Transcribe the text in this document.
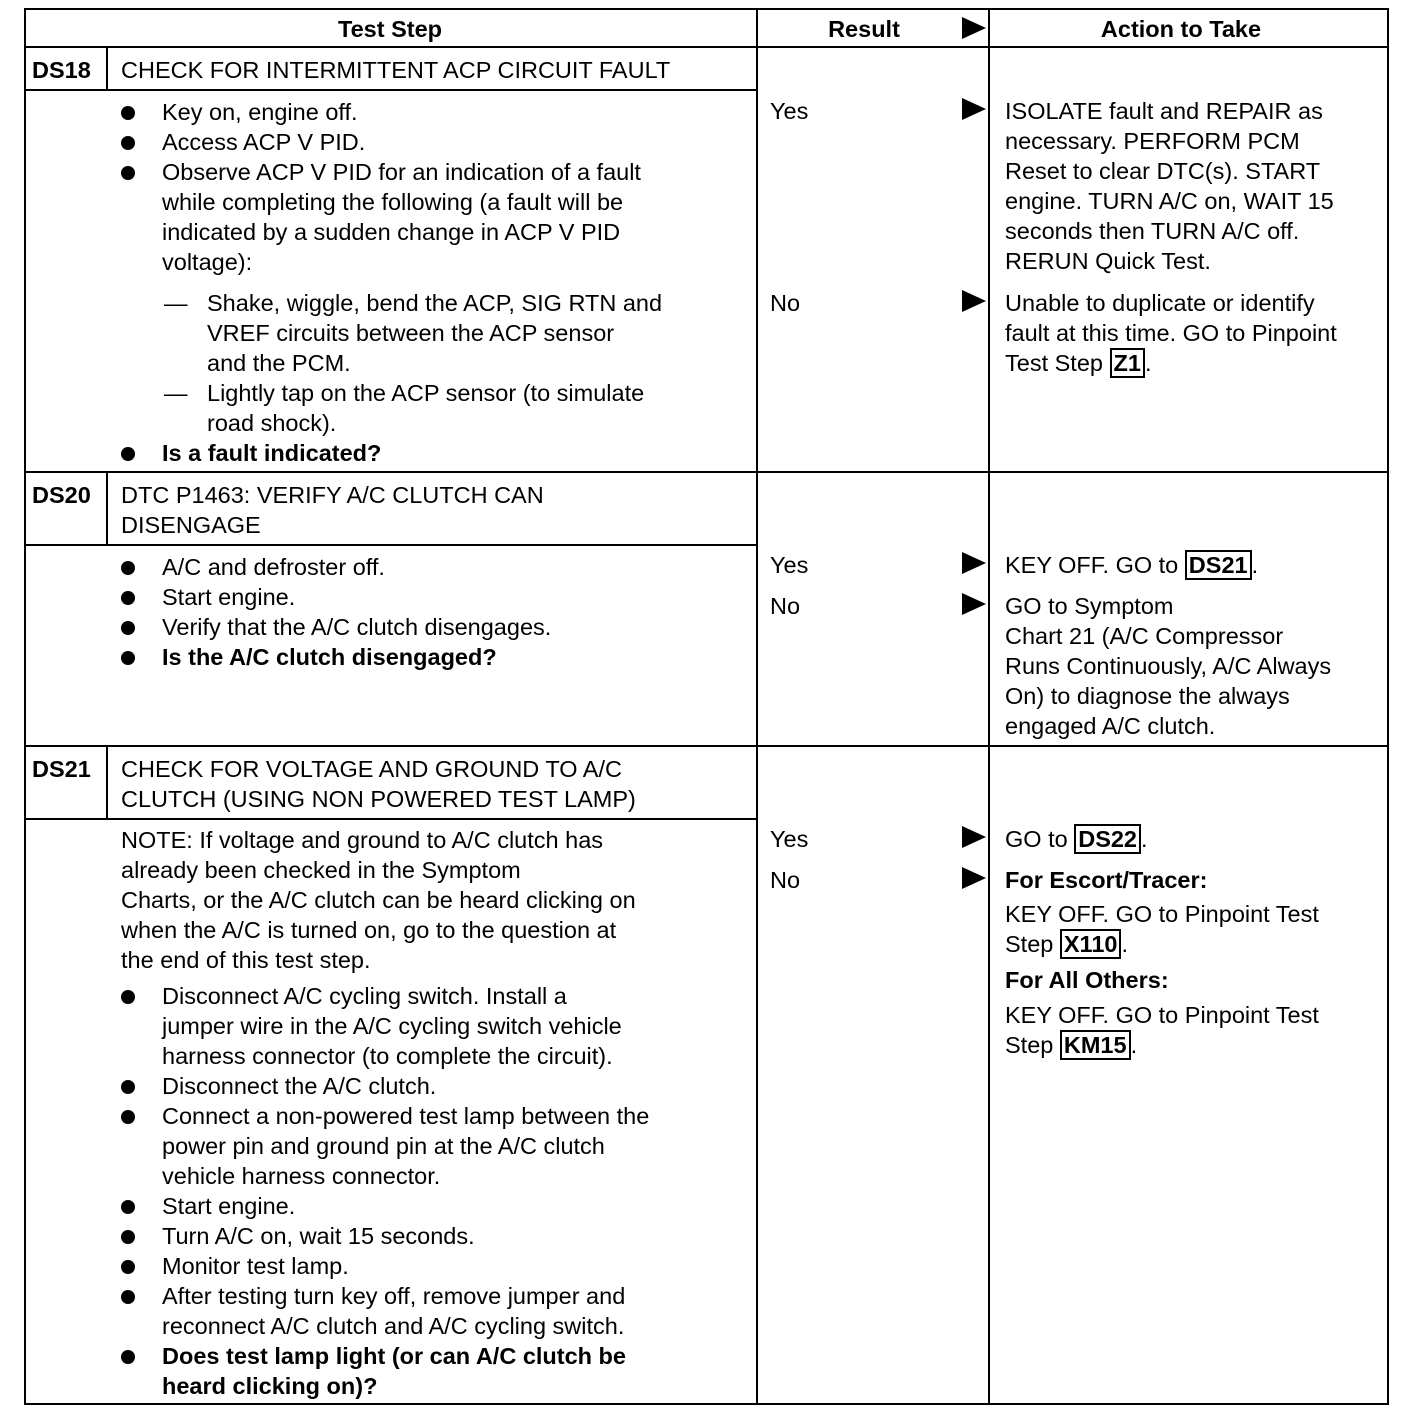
Test Step	Result	Action to Take
DS18 CHECK FOR INTERMITTENT ACP CIRCUIT FAULT
Key on, engine off.
Access ACP V PID.
Observe ACP V PID for an indication of a fault
while completing the following (a fault will be
indicated by a sudden change in ACP V PID
voltage):
— Shake, wiggle, bend the ACP, SIG RTN and
VREF circuits between the ACP sensor
and the PCM.
— Lightly tap on the ACP sensor (to simulate
road shock).
Is a fault indicated?
Yes	ISOLATE fault and REPAIR as
necessary. PERFORM PCM
Reset to clear DTC(s). START
engine. TURN A/C on, WAIT 15
seconds then TURN A/C off.
RERUN Quick Test.
No	Unable to duplicate or identify
fault at this time. GO to Pinpoint
Test Step Z1 .
DS20 DTC P1463: VERIFY A/C CLUTCH CAN
DISENGAGE
A/C and defroster off.
Start engine.
Verify that the A/C clutch disengages.
Is the A/C clutch disengaged?
Yes	KEY OFF. GO to DS21 .
No	GO to Symptom
Chart 21 (A/C Compressor
Runs Continuously, A/C Always
On) to diagnose the always
engaged A/C clutch.
DS21 CHECK FOR VOLTAGE AND GROUND TO A/C
CLUTCH (USING NON POWERED TEST LAMP)
NOTE: If voltage and ground to A/C clutch has
already been checked in the Symptom
Charts, or the A/C clutch can be heard clicking on
when the A/C is turned on, go to the question at
the end of this test step.
Disconnect A/C cycling switch. Install a
jumper wire in the A/C cycling switch vehicle
harness connector (to complete the circuit).
Disconnect the A/C clutch.
Connect a non-powered test lamp between the
power pin and ground pin at the A/C clutch
vehicle harness connector.
Start engine.
Turn A/C on, wait 15 seconds.
Monitor test lamp.
After testing turn key off, remove jumper and
reconnect A/C clutch and A/C cycling switch.
Does test lamp light (or can A/C clutch be
heard clicking on)?
Yes	GO to DS22 .
No	For Escort/Tracer:
KEY OFF. GO to Pinpoint Test
Step X110 .
For All Others:
KEY OFF. GO to Pinpoint Test
Step KM15 .
